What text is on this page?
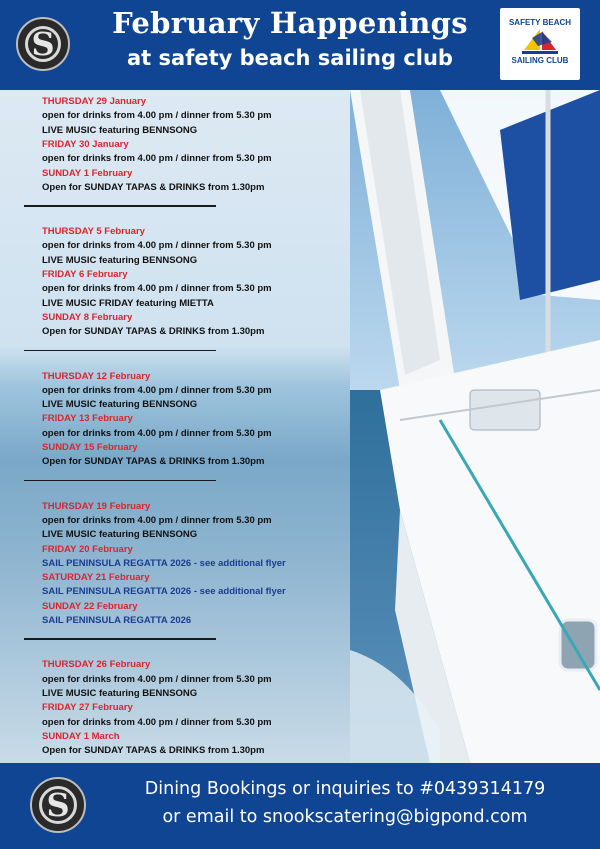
S
February Happenings
at safety beach sailing club
SAFETY BEACH
SAILING CLUB
THURSDAY 29 January
open for drinks from 4.00 pm / dinner from 5.30 pm
LIVE MUSIC featuring BENNSONG
FRIDAY 30 January
open for drinks from 4.00 pm / dinner from 5.30 pm
SUNDAY 1 February
Open for SUNDAY TAPAS & DRINKS from 1.30pm
THURSDAY 5 February
open for drinks from 4.00 pm / dinner from 5.30 pm
LIVE MUSIC featuring BENNSONG
FRIDAY 6 February
open for drinks from 4.00 pm / dinner from 5.30 pm
LIVE MUSIC FRIDAY featuring MIETTA
SUNDAY 8 February
Open for SUNDAY TAPAS & DRINKS from 1.30pm
THURSDAY 12 February
open for drinks from 4.00 pm / dinner from 5.30 pm
LIVE MUSIC featuring BENNSONG
FRIDAY 13 February
open for drinks from 4.00 pm / dinner from 5.30 pm
SUNDAY 15 February
Open for SUNDAY TAPAS & DRINKS from 1.30pm
THURSDAY 19 February
open for drinks from 4.00 pm / dinner from 5.30 pm
LIVE MUSIC featuring BENNSONG
FRIDAY 20 February
SAIL PENINSULA REGATTA 2026 - see additional flyer
SATURDAY 21 February
SAIL PENINSULA REGATTA 2026 - see additional flyer
SUNDAY 22 February
SAIL PENINSULA REGATTA 2026
THURSDAY 26 February
open for drinks from 4.00 pm / dinner from 5.30 pm
LIVE MUSIC featuring BENNSONG
FRIDAY 27 February
open for drinks from 4.00 pm / dinner from 5.30 pm
SUNDAY 1 March
Open for SUNDAY TAPAS & DRINKS from 1.30pm
S	Dining Bookings or inquiries to #0439314179
or email to snookscatering@bigpond.com
